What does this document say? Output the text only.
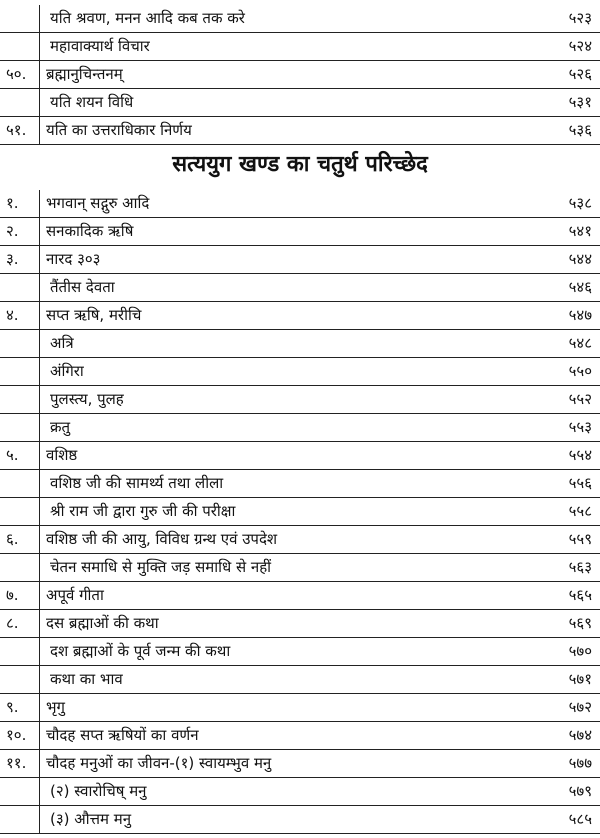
यति श्रवण, मनन आदि कब तक करे	५२३
महावाक्यार्थ विचार	५२४
५०. ब्रह्मानुचिन्तनम्	५२६
यति शयन विधि	५३१
५१. यति का उत्तराधिकार निर्णय	५३६
सत्ययुग खण्ड का चतुर्थ परिच्छेद
१. भगवान् सद्गुरु आदि	५३८
२. सनकादिक ऋषि	५४१
३. नारद ३०३	५४४
तैंतीस देवता	५४६
४. सप्त ऋषि, मरीचि	५४७
अत्रि	५४८
अंगिरा	५५०
पुलस्त्य, पुलह	५५२
क्रतु	५५३
५. वशिष्ठ	५५४
वशिष्ठ जी की सामर्थ्य तथा लीला	५५६
श्री राम जी द्वारा गुरु जी की परीक्षा	५५८
६. वशिष्ठ जी की आयु, विविध ग्रन्थ एवं उपदेश	५५९
चेतन समाधि से मुक्ति जड़ समाधि से नहीं	५६३
७. अपूर्व गीता	५६५
८. दस ब्रह्माओं की कथा	५६९
दश ब्रह्माओं के पूर्व जन्म की कथा	५७०
कथा का भाव	५७१
९. भृगु	५७२
१०. चौदह सप्त ऋषियों का वर्णन	५७४
११. चौदह मनुओं का जीवन-(१) स्वायम्भुव मनु	५७७
(२) स्वारोचिष् मनु	५७९
(३) औत्तम मनु	५८५
